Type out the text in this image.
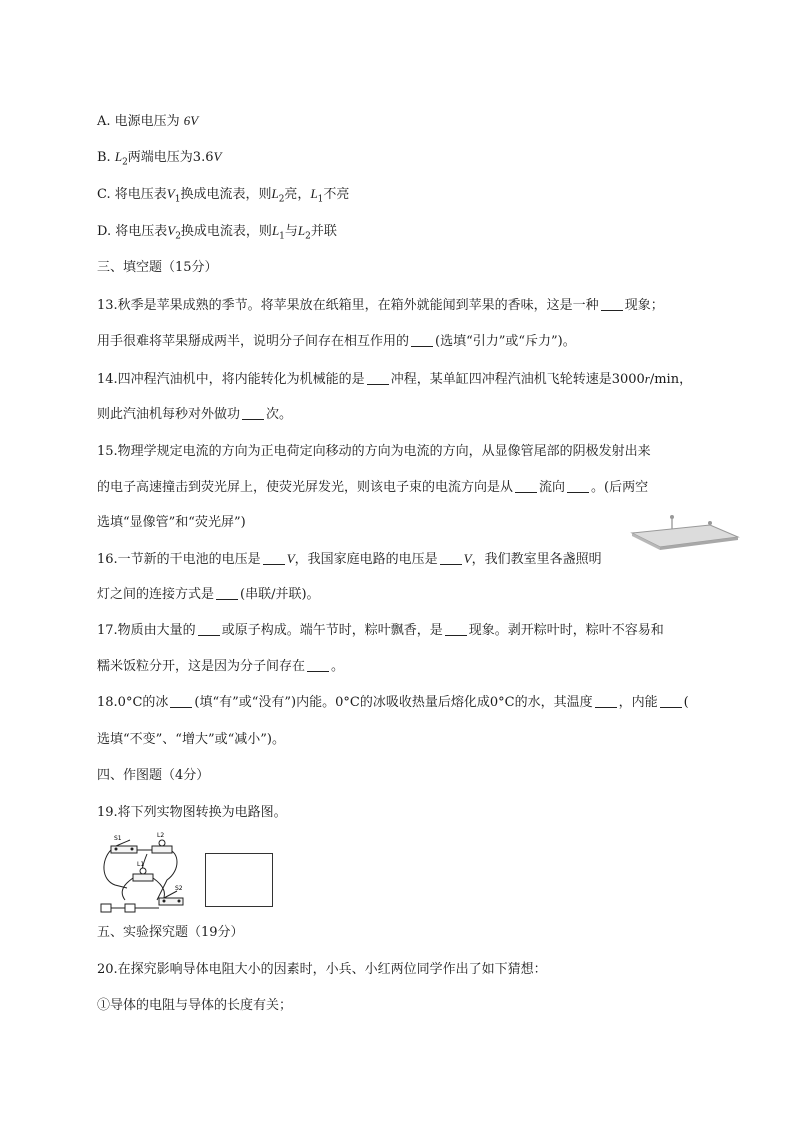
A. 电源电压为 6V
B. $L_2$两端电压为3.6V
C. 将电压表$V_1$换成电流表，则$L_2$亮，$L_1$不亮
D. 将电压表$V_2$换成电流表，则$L_1$与$L_2$并联
三、填空题（15分）
13.秋季是苹果成熟的季节。将苹果放在纸箱里，在箱外就能闻到苹果的香味，这是一种 现象；
用手很难将苹果掰成两半，说明分子间存在相互作用的 (选填“引力”或“斥力”)。
14.四冲程汽油机中，将内能转化为机械能的是 冲程，某单缸四冲程汽油机飞轮转速是3000r/min，
则此汽油机每秒对外做功 次。
15.物理学规定电流的方向为正电荷定向移动的方向为电流的方向，从显像管尾部的阴极发射出来
的电子高速撞击到荧光屏上，使荧光屏发光，则该电子束的电流方向是从 流向 。(后两空
选填“显像管”和“荧光屏”)
16.一节新的干电池的电压是 V，我国家庭电路的电压是 V，我们教室里各盏照明
灯之间的连接方式是 (串联/并联)。
17.物质由大量的 或原子构成。端午节时，粽叶飘香，是 现象。剥开粽叶时，粽叶不容易和
糯米饭粒分开，这是因为分子间存在 。
18.0°C的冰 (填“有”或“没有”)内能。0°C的冰吸收热量后熔化成0°C的水，其温度 ，内能 (
选填“不变”、“增大”或“减小”)。
四、作图题（4分）
19.将下列实物图转换为电路图。
S1	L2
L1
S2
五、实验探究题（19分）
20.在探究影响导体电阻大小的因素时，小兵、小红两位同学作出了如下猜想：
①导体的电阻与导体的长度有关；
